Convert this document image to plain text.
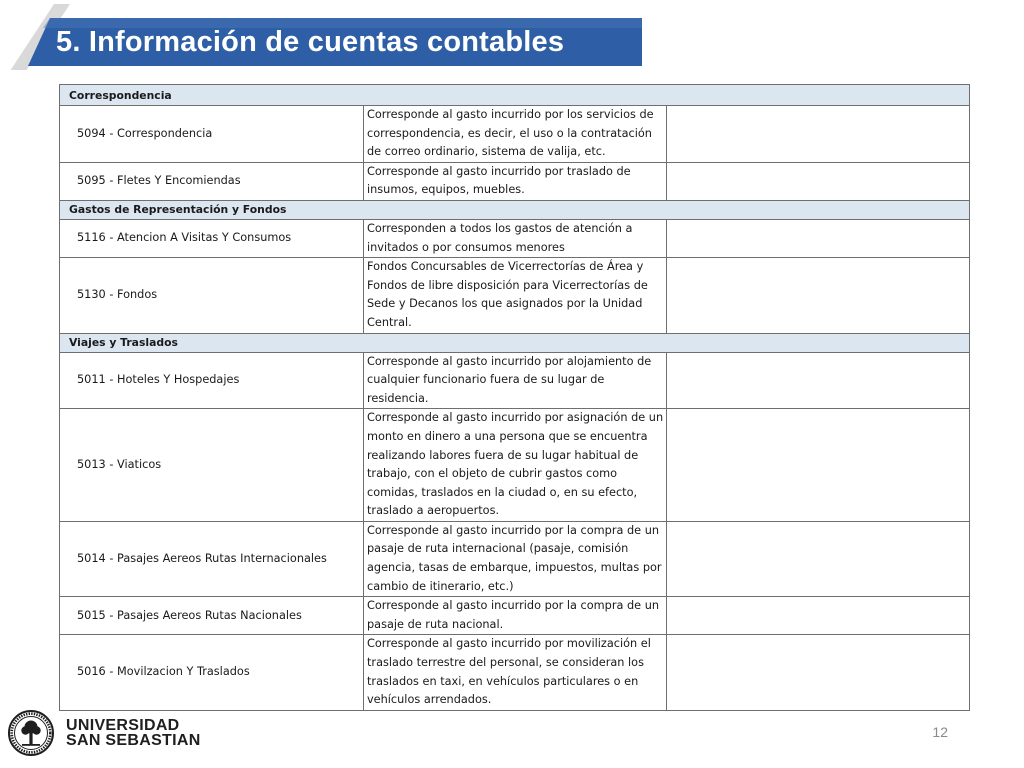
5. Información de cuentas contables
Correspondencia		
5094 - Correspondencia	Corresponde al gasto incurrido por los servicios de correspondencia, es decir, el uso o la contratación de correo ordinario, sistema de valija, etc.	
5095 - Fletes Y Encomiendas	Corresponde al gasto incurrido por traslado de insumos, equipos, muebles.	
Gastos de Representación y Fondos		
5116 - Atencion A Visitas Y Consumos	Corresponden a todos los gastos de atención a invitados o por consumos menores	
5130 - Fondos	Fondos Concursables de Vicerrectorías de Área y Fondos de libre disposición para Vicerrectorías de Sede y Decanos los que asignados por la Unidad Central.	
Viajes y Traslados		
5011 - Hoteles Y Hospedajes	Corresponde al gasto incurrido por alojamiento de cualquier funcionario fuera de su lugar de residencia.	
5013 - Viaticos	Corresponde al gasto incurrido por asignación de un monto en dinero a una persona que se encuentra realizando labores fuera de su lugar habitual de trabajo, con el objeto de cubrir gastos como comidas, traslados en la ciudad o, en su efecto, traslado a aeropuertos.	
5014 - Pasajes Aereos Rutas Internacionales	Corresponde al gasto incurrido por la compra de un pasaje de ruta internacional (pasaje, comisión agencia, tasas de embarque, impuestos, multas por cambio de itinerario, etc.)	
5015 - Pasajes Aereos Rutas Nacionales	Corresponde al gasto incurrido por la compra de un pasaje de ruta nacional.	
5016 - Movilzacion Y Traslados	Corresponde al gasto incurrido por movilización el traslado terrestre del personal, se consideran los traslados en taxi, en vehículos particulares o en vehículos arrendados.	
UNIVERSIDAD
SAN SEBASTIAN	12
